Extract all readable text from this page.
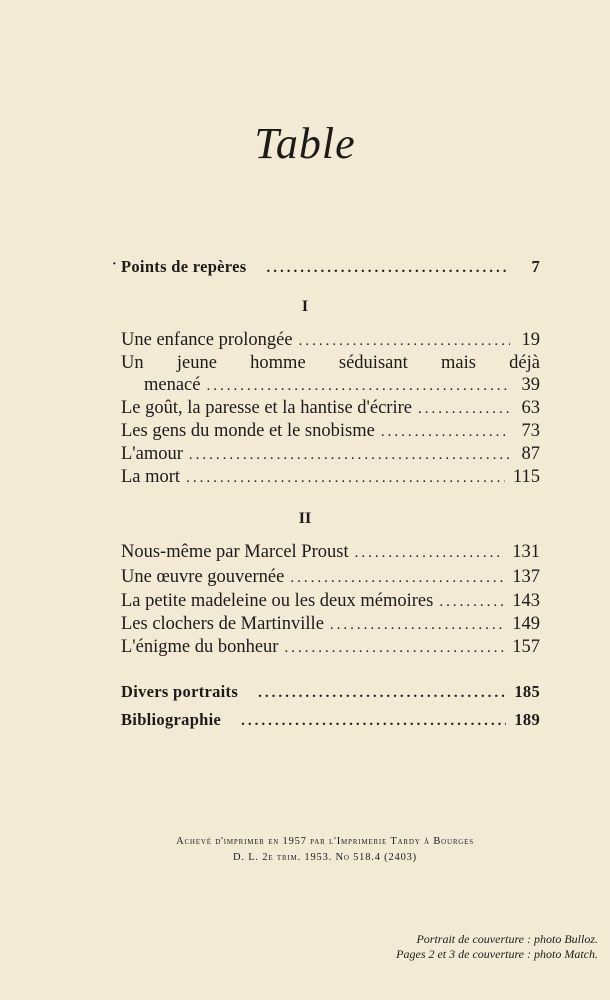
Table
· Points de repères .....	7
I
Une enfance prolongée .....	19
Un jeune homme séduisant mais déjà
menacé .....	39
Le goût, la paresse et la hantise d'écrire .....	63
Les gens du monde et le snobisme .....	73
L'amour .....	87
La mort .....	115
II
Nous-même par Marcel Proust .....	131
Une œuvre gouvernée .....	137
La petite madeleine ou les deux mémoires .....	143
Les clochers de Martinville .....	149
L'énigme du bonheur .....	157
Divers portraits .....	185
Bibliographie .....	189
Achevé d'imprimer en 1957 par l'Imprimerie Tardy à Bourges
D. L. 2e trim. 1953. No 518.4 (2403)
Portrait de couverture : photo Bulloz.
Pages 2 et 3 de couverture : photo Match.
